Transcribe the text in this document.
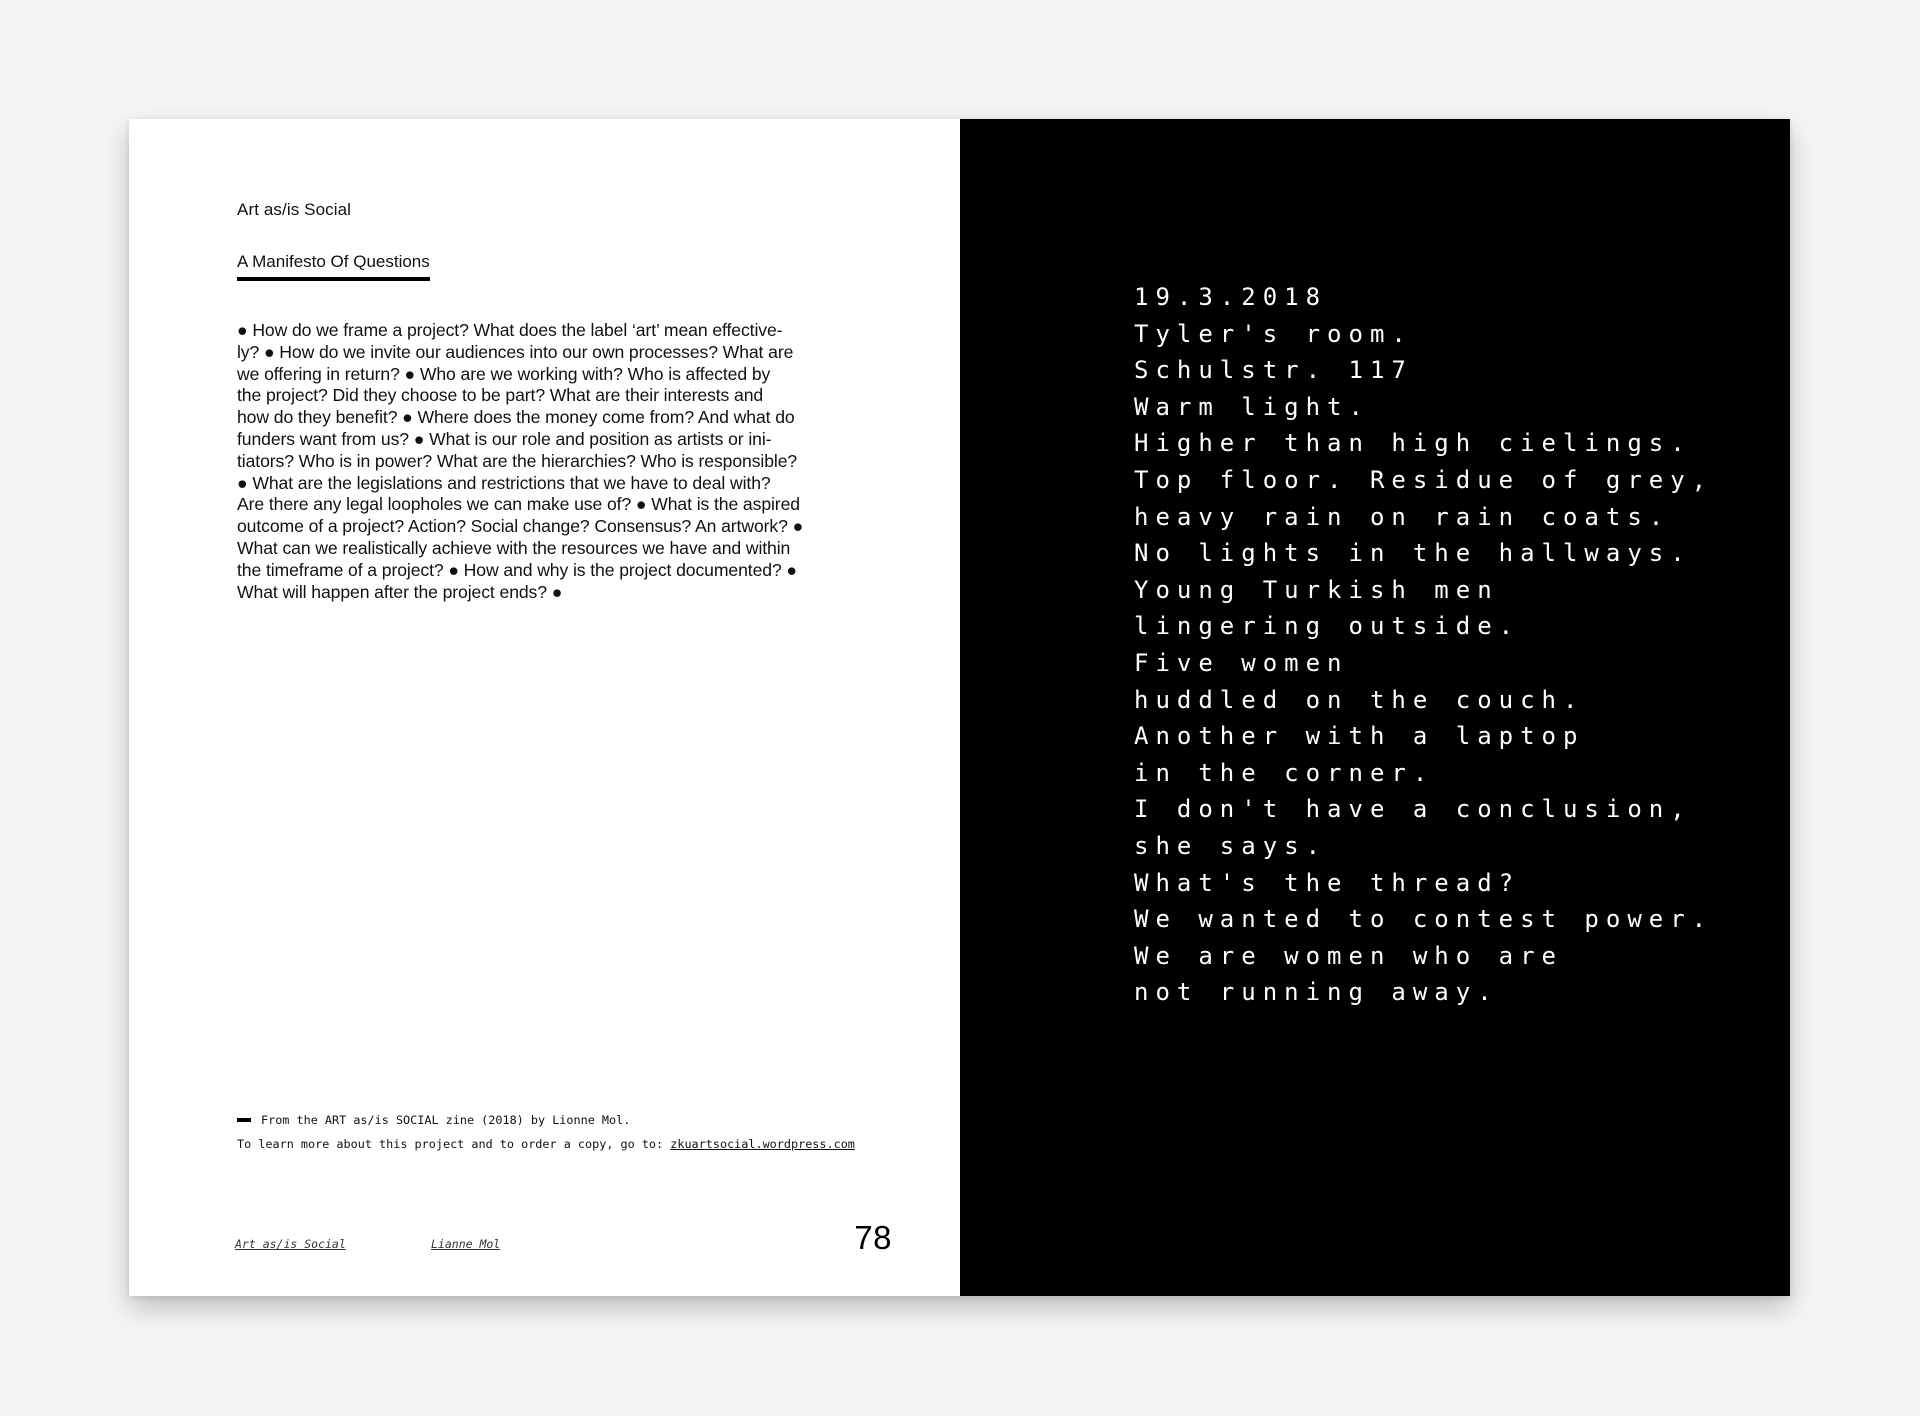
Art as/is Social
A Manifesto Of Questions

● How do we frame a project? What does the label ‘art’ mean effective-
ly? ● How do we invite our audiences into our own processes? What are
we offering in return? ● Who are we working with? Who is affected by
the project? Did they choose to be part? What are their interests and
how do they benefit? ● Where does the money come from? And what do
funders want from us? ● What is our role and position as artists or ini-
tiators? Who is in power? What are the hierarchies? Who is responsible?
● What are the legislations and restrictions that we have to deal with?
Are there any legal loopholes we can make use of? ● What is the aspired
outcome of a project? Action? Social change? Consensus? An artwork? ●
What can we realistically achieve with the resources we have and within
the timeframe of a project? ● How and why is the project documented? ●
What will happen after the project ends? ●

From the ART as/is SOCIAL zine (2018) by Lionne Mol.
To learn more about this project and to order a copy, go to: zkuartsocial.wordpress.com
Art as/is Social	Lianne Mol	78
19.3.2018
Tyler's room.
Schulstr. 117
Warm light.
Higher than high cielings.
Top floor. Residue of grey,
heavy rain on rain coats.
No lights in the hallways.
Young Turkish men
lingering outside.
Five women
huddled on the couch.
Another with a laptop
in the corner.
I don't have a conclusion,
she says.
What's the thread?
We wanted to contest power.
We are women who are
not running away.
